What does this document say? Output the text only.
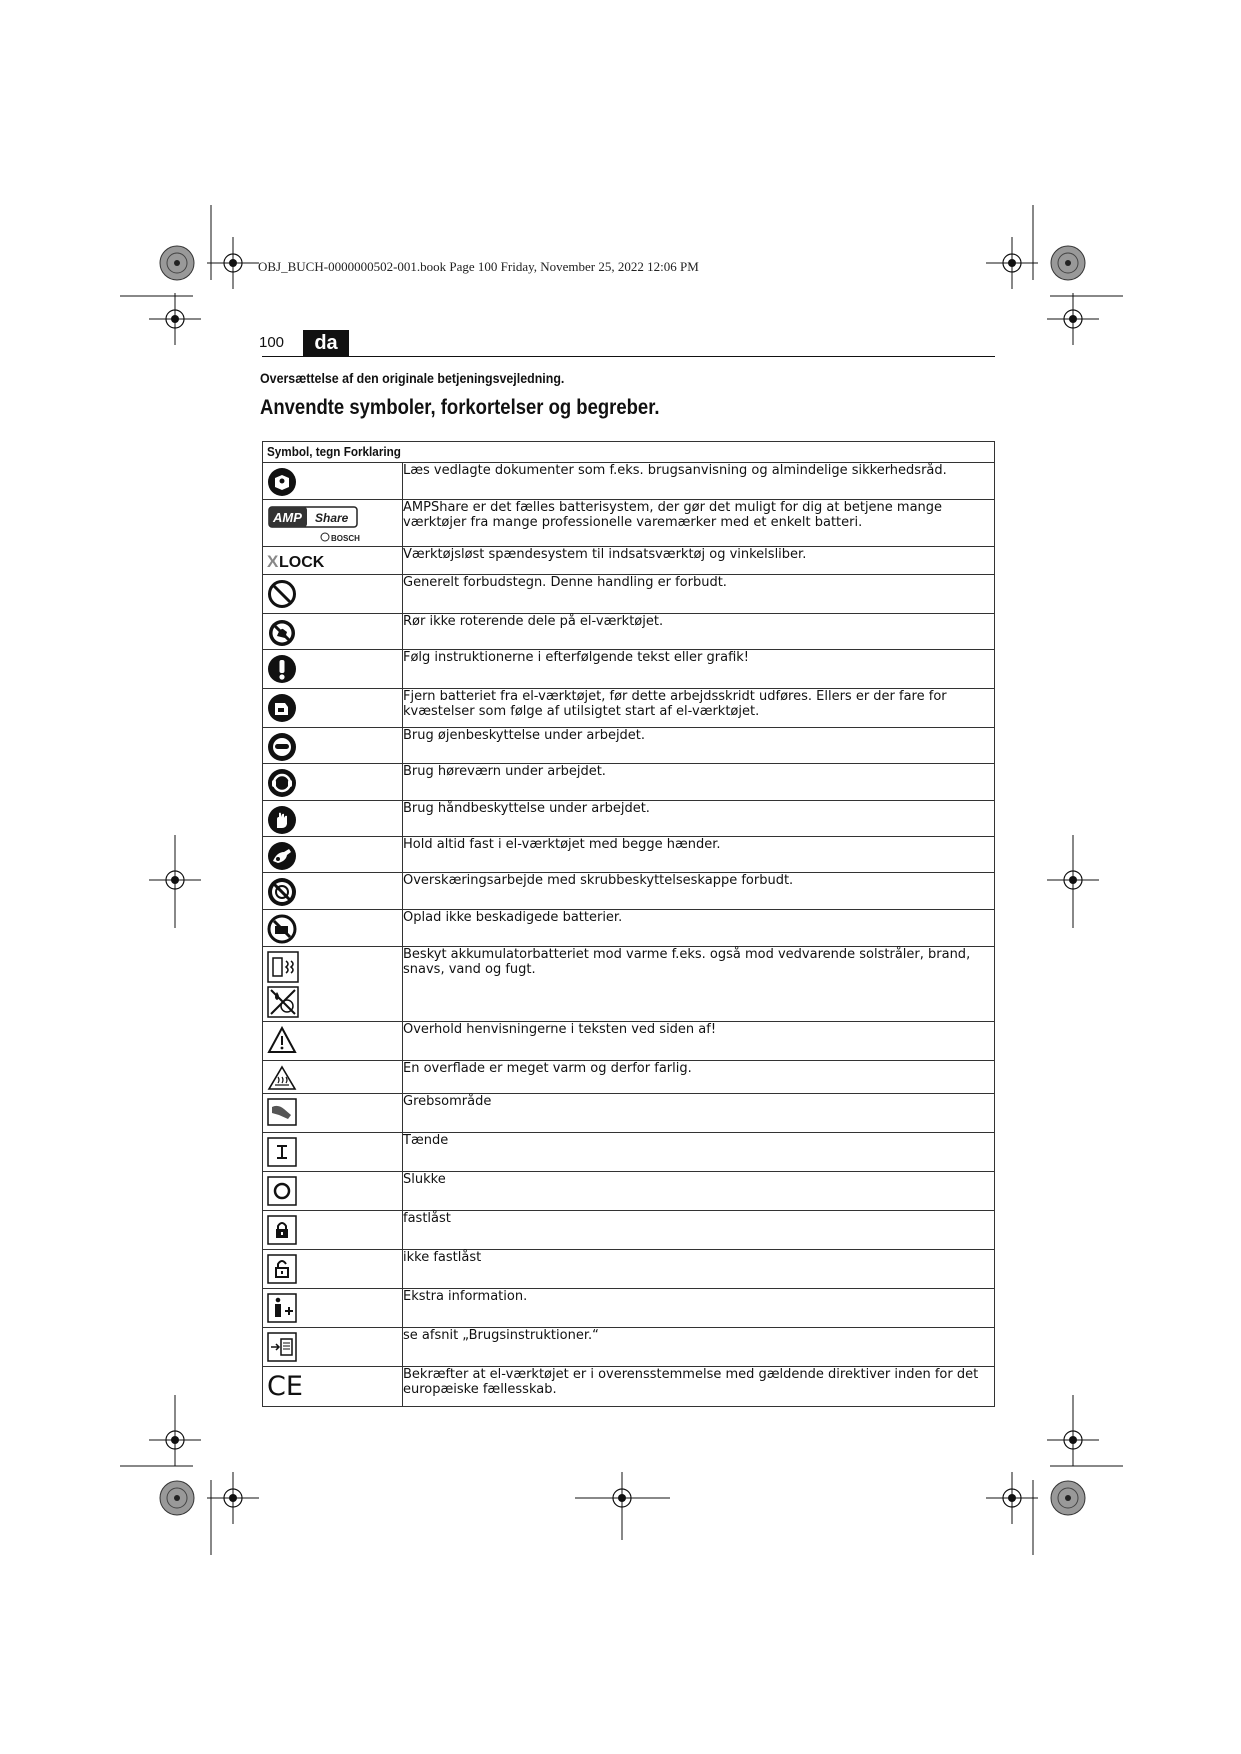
OBJ_BUCH-0000000502-001.book Page 100 Friday, November 25, 2022 12:06 PM
100	da
Oversættelse af den originale betjeningsvejledning.
Anvendte symboler, forkortelser og begreber.
Symbol, tegn Forklaring	

	Læs vedlagte dokumenter som f.eks. brugsanvisning og almindelige sikkerhedsråd.

AMP Share
BOSCH	AMPShare er det fælles batterisystem, der gør det muligt for dig at betjene mange værktøjer fra mange professionelle varemærker med et enkelt batteri.

X LOCK	Værktøjsløst spændesystem til indsatsværktøj og vinkelsliber.

	Generelt forbudstegn. Denne handling er forbudt.

	Rør ikke roterende dele på el-værktøjet.

	Følg instruktionerne i efterfølgende tekst eller grafik!

	Fjern batteriet fra el-værktøjet, før dette arbejdsskridt udføres. Ellers er der fare for kvæstelser som følge af utilsigtet start af el-værktøjet.

	Brug øjenbeskyttelse under arbejdet.

	Brug høreværn under arbejdet.

	Brug håndbeskyttelse under arbejdet.

	Hold altid fast i el-værktøjet med begge hænder.

	Overskæringsarbejde med skrubbeskyttelseskappe forbudt.

	Oplad ikke beskadigede batterier.

	Beskyt akkumulatorbatteriet mod varme f.eks. også mod vedvarende solstråler, brand, snavs, vand og fugt.

	Overhold henvisningerne i teksten ved siden af!

	En overflade er meget varm og derfor farlig.

	Grebsområde

	Tænde

	Slukke

	fastlåst

	ikke fastlåst

	Ekstra information.

	se afsnit „Brugsinstruktioner.“

CE	Bekræfter at el-værktøjet er i overensstemmelse med gældende direktiver inden for det europæiske fællesskab.
